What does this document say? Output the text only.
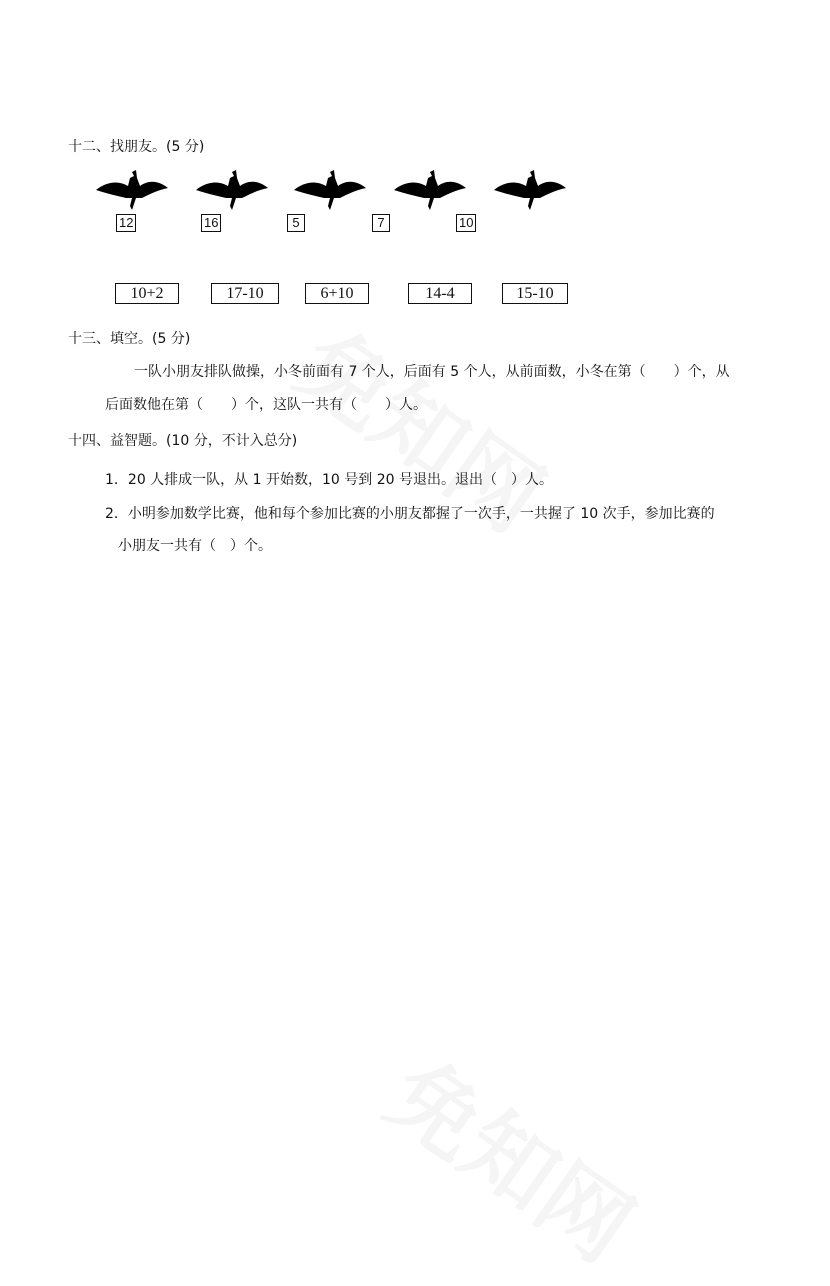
十二、找朋友。(5 分)
12	16	5	7	10
10+2	17-10	6+10	14-4	15-10
十三、填空。(5 分)
一队小朋友排队做操，小冬前面有 7 个人，后面有 5 个人，从前面数，小冬在第（　　）个，从
后面数他在第（　　）个，这队一共有（　　）人。
十四、益智题。(10 分，不计入总分)
1．20 人排成一队，从 1 开始数，10 号到 20 号退出。退出（　）人。
2．小明参加数学比赛，他和每个参加比赛的小朋友都握了一次手，一共握了 10 次手，参加比赛的
小朋友一共有（　）个。
